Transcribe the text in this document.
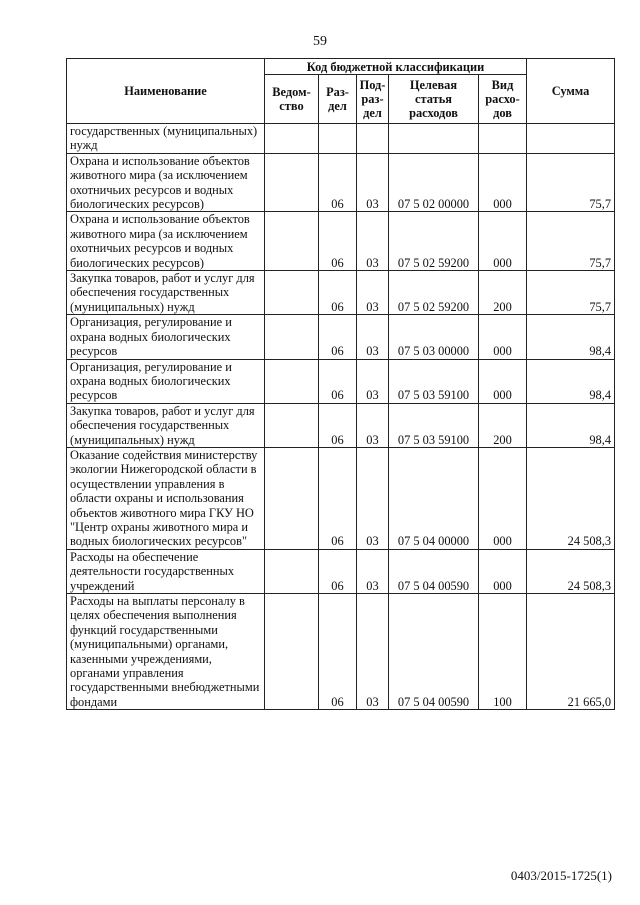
59
Наименование	Код бюджетной классификации					Сумма
	Ведом-ство	Раз-дел	Под-раз-дел	Целевая статья расходов	Вид расхо-дов	
государственных (муниципальных) нужд						
Охрана и использование объектов животного мира (за исключением охотничьих ресурсов и водных биологических ресурсов)		06	03	07 5 02 00000	000	75,7
Охрана и использование объектов животного мира (за исключением охотничьих ресурсов и водных биологических ресурсов)		06	03	07 5 02 59200	000	75,7
Закупка товаров, работ и услуг для обеспечения государственных (муниципальных) нужд		06	03	07 5 02 59200	200	75,7
Организация, регулирование и охрана водных биологических ресурсов		06	03	07 5 03 00000	000	98,4
Организация, регулирование и охрана водных биологических ресурсов		06	03	07 5 03 59100	000	98,4
Закупка товаров, работ и услуг для обеспечения государственных (муниципальных) нужд		06	03	07 5 03 59100	200	98,4
Оказание содействия министерству экологии Нижегородской области в осуществлении управления в области охраны и использования объектов животного мира ГКУ НО "Центр охраны животного мира и водных биологических ресурсов"		06	03	07 5 04 00000	000	24 508,3
Расходы на обеспечение деятельности государственных учреждений		06	03	07 5 04 00590	000	24 508,3
Расходы на выплаты персоналу в целях обеспечения выполнения функций государственными (муниципальными) органами, казенными учреждениями, органами управления государственными внебюджетными фондами		06	03	07 5 04 00590	100	21 665,0
0403/2015-1725(1)
